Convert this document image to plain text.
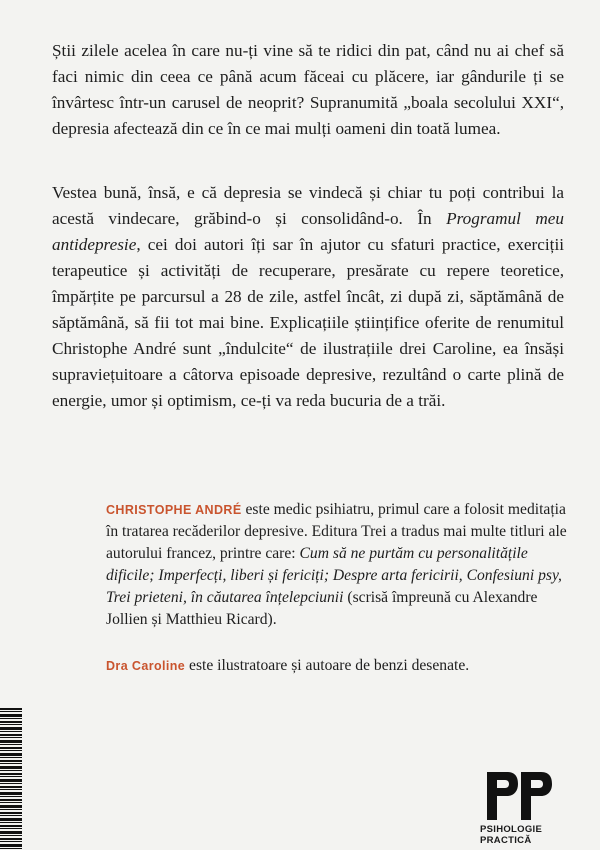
Știi zilele acelea în care nu-ți vine să te ridici din pat, când nu ai chef să faci nimic din ceea ce până acum făceai cu plăcere, iar gândurile ți se învârtesc într-un carusel de neoprit? Supranumită „boala secolului XXI“, depresia afectează din ce în ce mai mulți oameni din toată lumea.

Vestea bună, însă, e că depresia se vindecă și chiar tu poți contribui la acestă vindecare, grăbind-o și consolidând-o. În Programul meu antidepresie, cei doi autori îți sar în ajutor cu sfaturi practice, exerciții terapeutice și activități de recuperare, presărate cu repere teoretice, împărțite pe parcursul a 28 de zile, astfel încât, zi după zi, săptămână de săptămână, să fii tot mai bine. Explicațiile științifice oferite de renumitul Christophe André sunt „îndulcite“ de ilustrațiile drei Caroline, ea însăși supraviețuitoare a câtorva episoade depresive, rezultând o carte plină de energie, umor și optimism, ce-ți va reda bucuria de a trăi.

CHRISTOPHE ANDRÉ este medic psihiatru, primul care a folosit meditația în tratarea recăderilor depresive. Editura Trei a tradus mai multe titluri ale autorului francez, printre care: Cum să ne purtăm cu personalitățile dificile; Imperfecți, liberi și fericiți; Despre arta fericirii, Confesiuni psy, Trei prieteni, în căutarea înțelepciunii (scrisă împreună cu Alexandre Jollien și Matthieu Ricard).

Dra Caroline este ilustratoare și autoare de benzi desenate.

PSIHOLOGIE
PRACTICĂ
